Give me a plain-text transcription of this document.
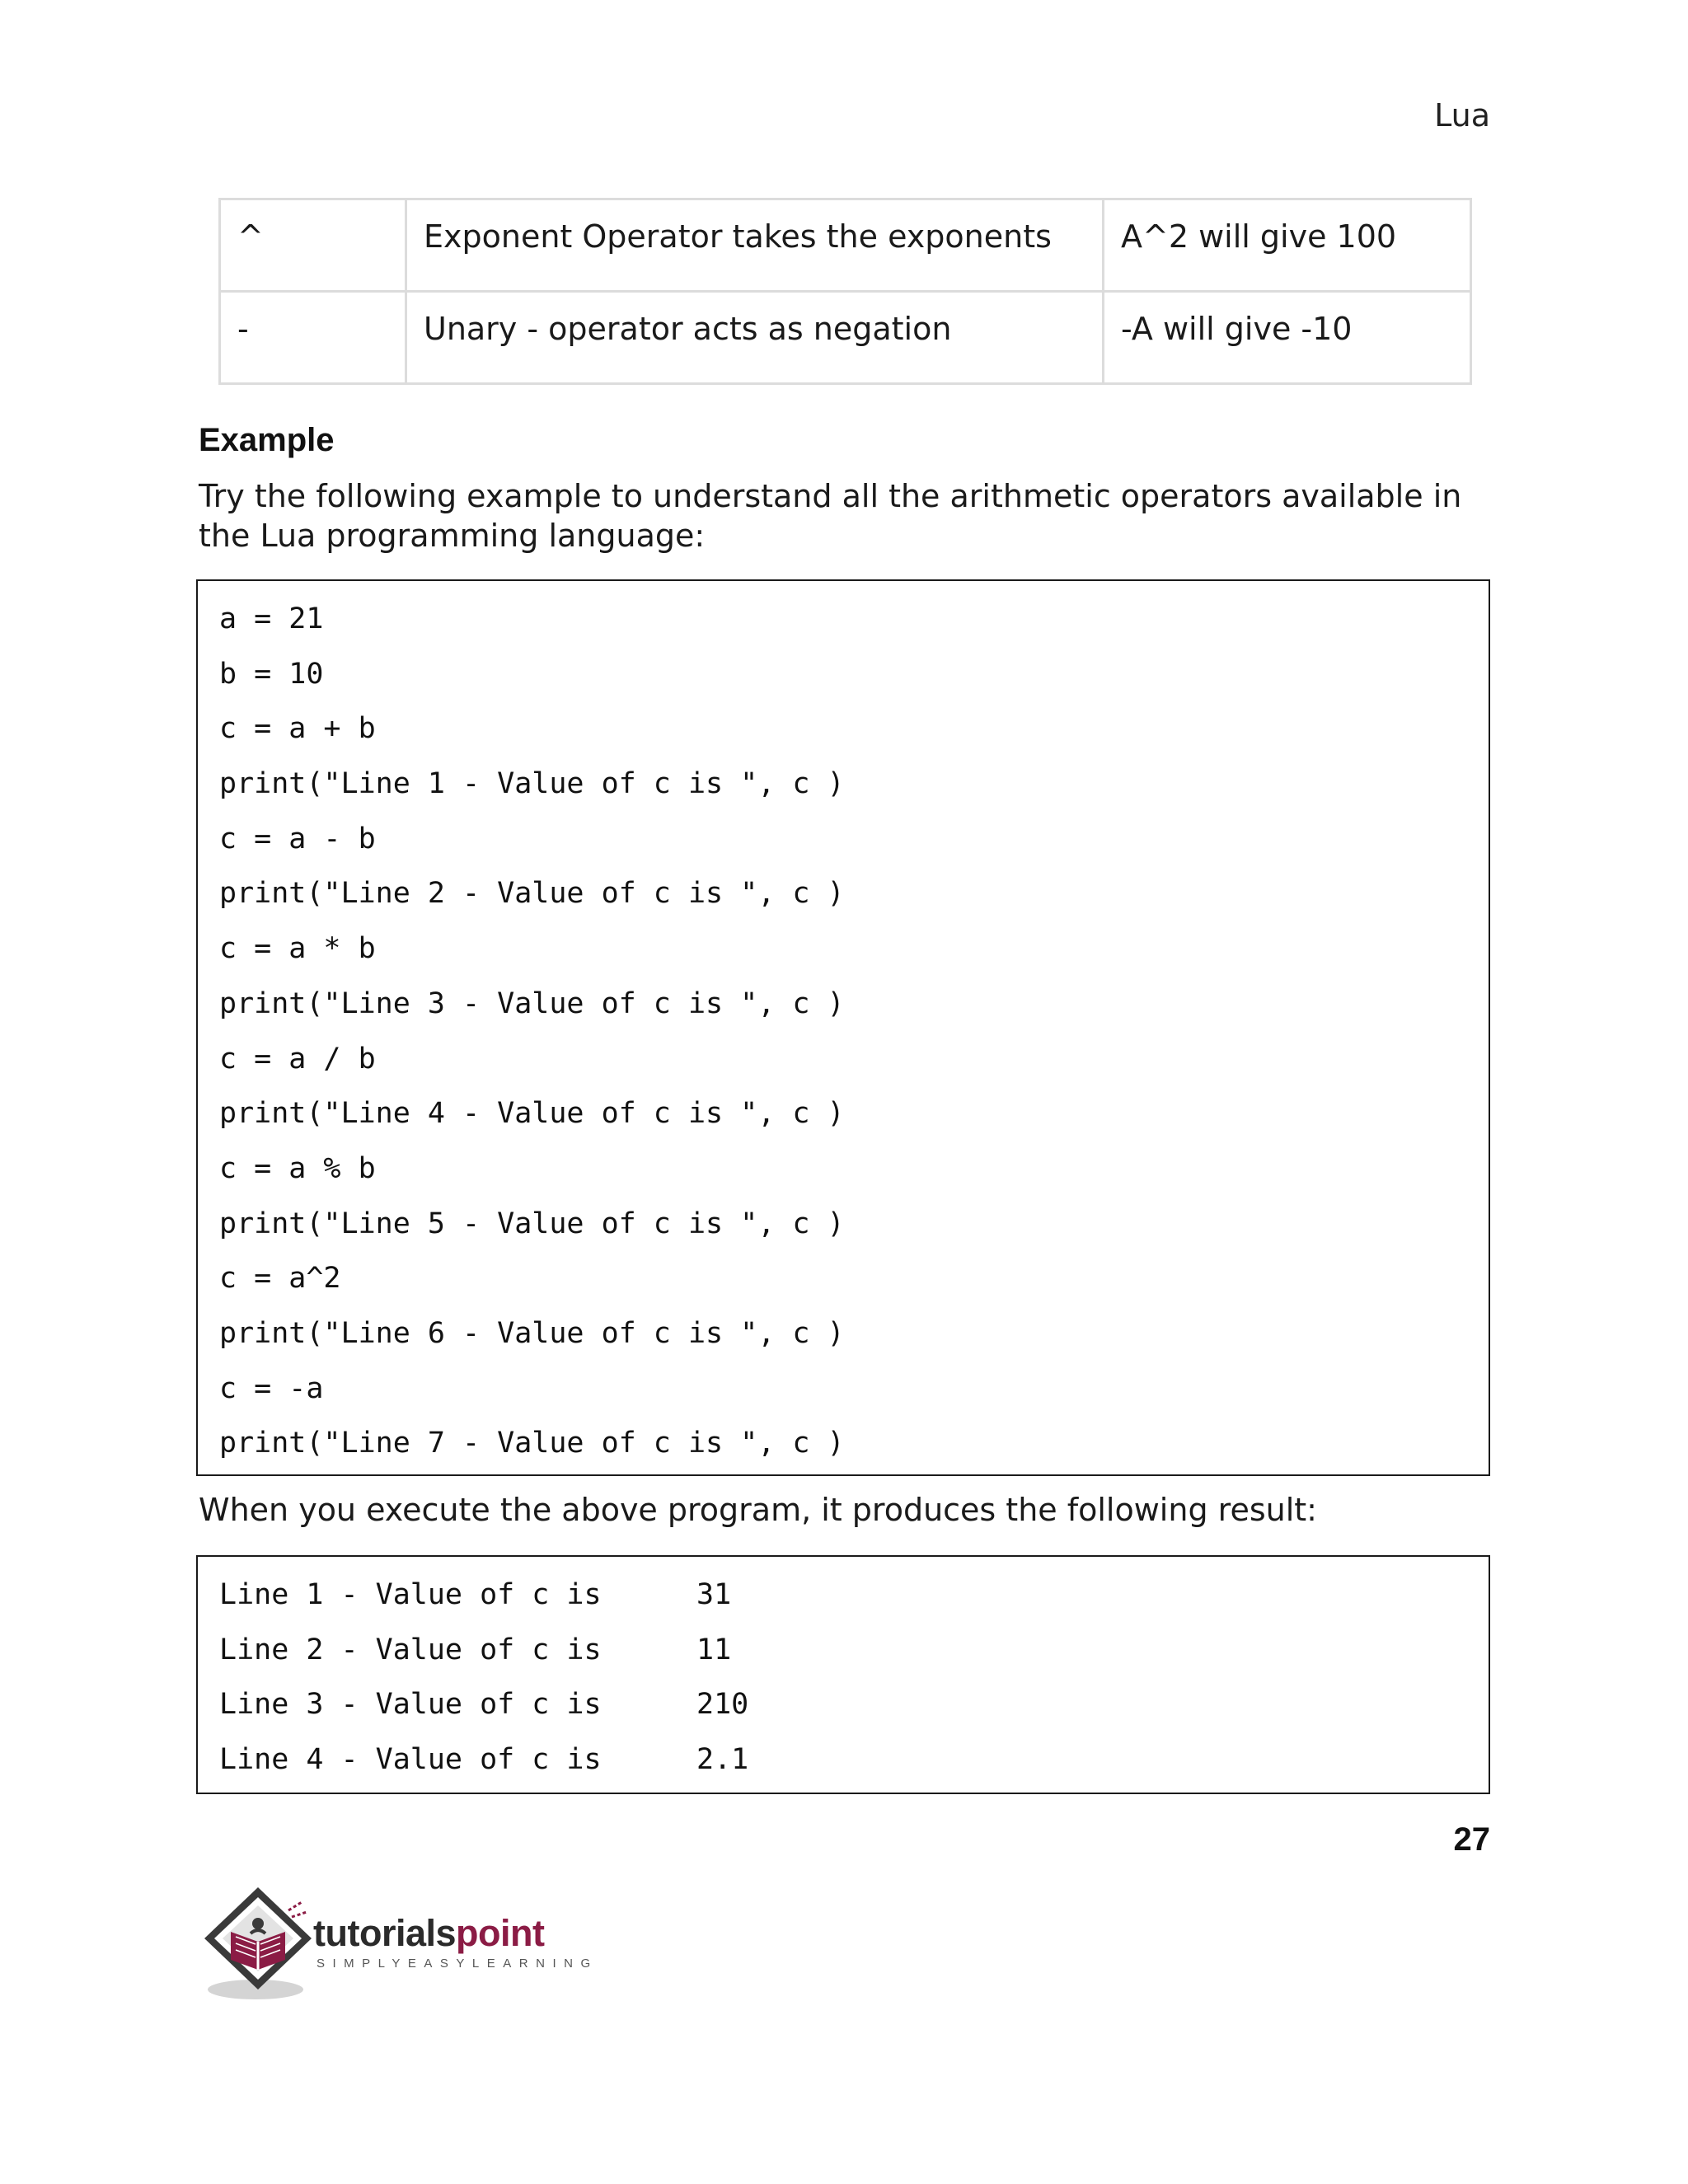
Lua
^	Exponent Operator takes the exponents	A^2 will give 100
-	Unary - operator acts as negation	-A will give -10
Example
Try the following example to understand all the arithmetic operators available in the Lua programming language:
a = 21
b = 10
c = a + b
print("Line 1 - Value of c is ", c )
c = a - b
print("Line 2 - Value of c is ", c )
c = a * b
print("Line 3 - Value of c is ", c )
c = a / b
print("Line 4 - Value of c is ", c )
c = a % b
print("Line 5 - Value of c is ", c )
c = a^2
print("Line 6 - Value of c is ", c )
c = -a
print("Line 7 - Value of c is ", c )
When you execute the above program, it produces the following result:
Line 1 - Value of c is	31
Line 2 - Value of c is	11
Line 3 - Value of c is	210
Line 4 - Value of c is	2.1
27
tutorialspoint
SIMPLYEASYLEARNING
